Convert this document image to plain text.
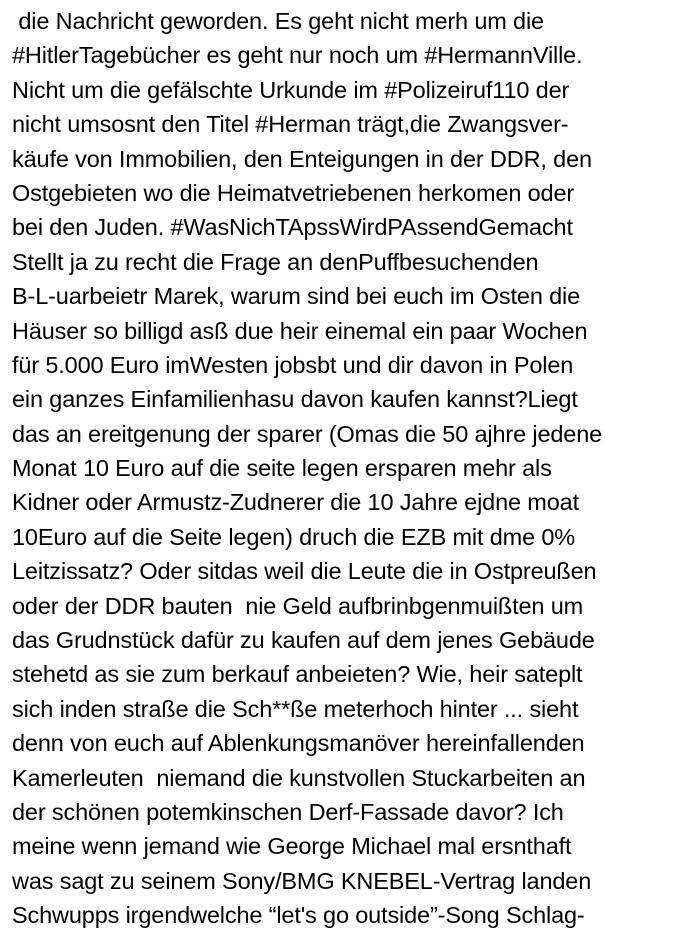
die Nachricht geworden. Es geht nicht merh um die
#HitlerTagebücher es geht nur noch um #HermannVille.
Nicht um die gefälschte Urkunde im #Polizeiruf110 der
nicht umsosnt den Titel #Herman trägt,die Zwangsver-
käufe von Immobilien, den Enteigungen in der DDR, den
Ostgebieten wo die Heimatvetriebenen herkomen oder
bei den Juden. #WasNichTApssWirdPAssendGemacht
Stellt ja zu recht die Frage an denPuffbesuchenden
B-L-uarbeietr Marek, warum sind bei euch im Osten die
Häuser so billigd asß due heir einemal ein paar Wochen
für 5.000 Euro imWesten jobsbt und dir davon in Polen
ein ganzes Einfamilienhasu davon kaufen kannst?Liegt
das an ereitgenung der sparer (Omas die 50 ajhre jedene
Monat 10 Euro auf die seite legen ersparen mehr als
Kidner oder Armustz-Zudnerer die 10 Jahre ejdne moat
10Euro auf die Seite legen) druch die EZB mit dme 0%
Leitzissatz? Oder sitdas weil die Leute die in Ostpreußen
oder der DDR bauten  nie Geld aufbrinbgenmuißten um
das Grudnstück dafür zu kaufen auf dem jenes Gebäude
stehetd as sie zum berkauf anbeieten? Wie, heir sateplt
sich inden straße die Sch**ße meterhoch hinter ... sieht
denn von euch auf Ablenkungsmanöver hereinfallenden
Kamerleuten  niemand die kunstvollen Stuckarbeiten an
der schönen potemkinschen Derf-Fassade davor? Ich
meine wenn jemand wie George Michael mal ersnthaft
was sagt zu seinem Sony/BMG KNEBEL-Vertrag landen
Schwupps irgendwelche “let's go outside”-Song Schlag-
